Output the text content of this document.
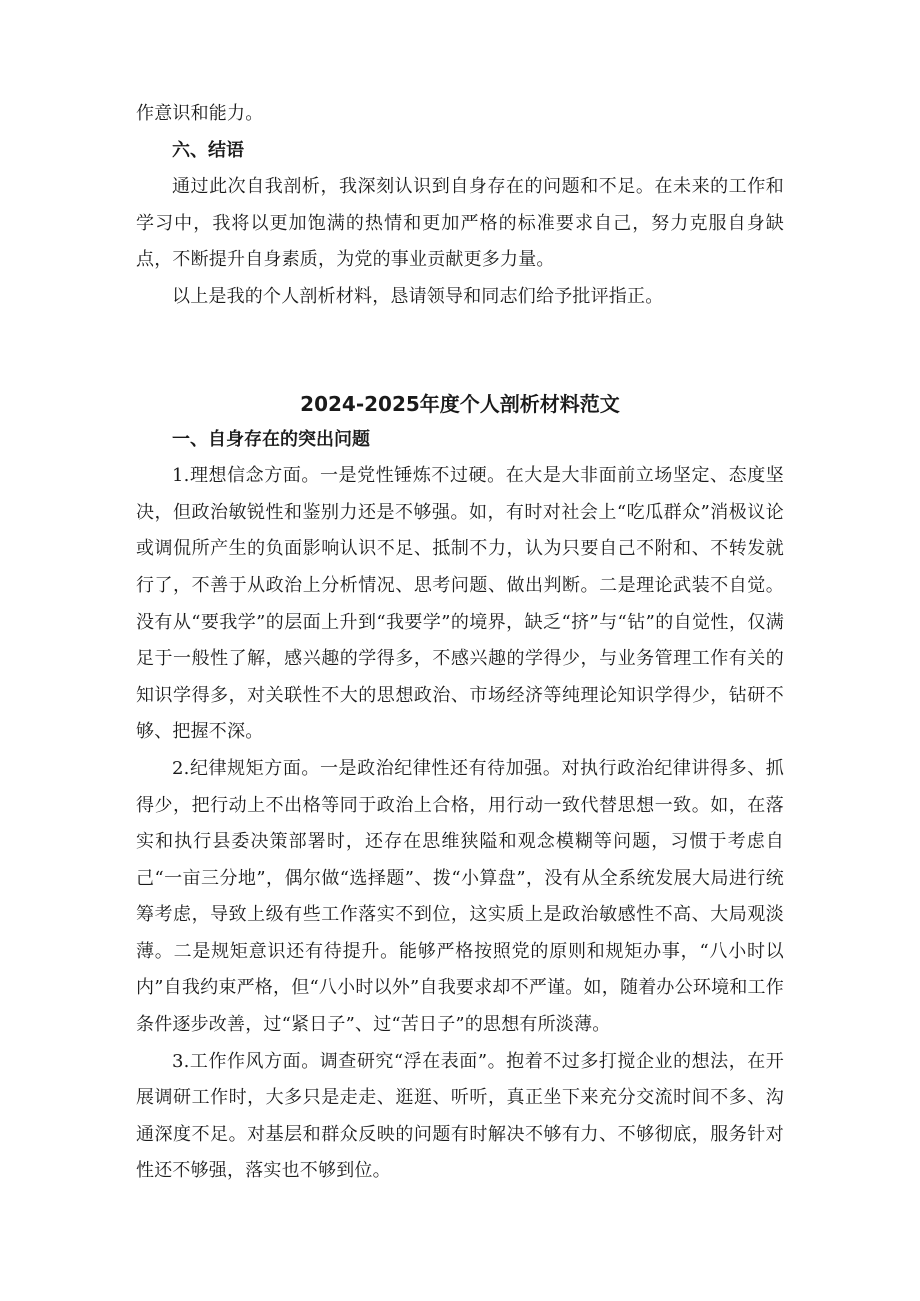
作意识和能力。

六、结语

通过此次自我剖析，我深刻认识到自身存在的问题和不足。在未来的工作和学习中，我将以更加饱满的热情和更加严格的标准要求自己，努力克服自身缺点，不断提升自身素质，为党的事业贡献更多力量。

以上是我的个人剖析材料，恳请领导和同志们给予批评指正。

2024-2025年度个人剖析材料范文

一、自身存在的突出问题

1.理想信念方面。一是党性锤炼不过硬。在大是大非面前立场坚定、态度坚决，但政治敏锐性和鉴别力还是不够强。如，有时对社会上“吃瓜群众”消极议论或调侃所产生的负面影响认识不足、抵制不力，认为只要自己不附和、不转发就行了，不善于从政治上分析情况、思考问题、做出判断。二是理论武装不自觉。没有从“要我学”的层面上升到“我要学”的境界，缺乏“挤”与“钻”的自觉性，仅满足于一般性了解，感兴趣的学得多，不感兴趣的学得少，与业务管理工作有关的知识学得多，对关联性不大的思想政治、市场经济等纯理论知识学得少，钻研不够、把握不深。

2.纪律规矩方面。一是政治纪律性还有待加强。对执行政治纪律讲得多、抓得少，把行动上不出格等同于政治上合格，用行动一致代替思想一致。如，在落实和执行县委决策部署时，还存在思维狭隘和观念模糊等问题，习惯于考虑自己“一亩三分地”，偶尔做“选择题”、拨“小算盘”，没有从全系统发展大局进行统筹考虑，导致上级有些工作落实不到位，这实质上是政治敏感性不高、大局观淡薄。二是规矩意识还有待提升。能够严格按照党的原则和规矩办事，“八小时以内”自我约束严格，但“八小时以外”自我要求却不严谨。如，随着办公环境和工作条件逐步改善，过“紧日子”、过“苦日子”的思想有所淡薄。

3.工作作风方面。调查研究“浮在表面”。抱着不过多打搅企业的想法，在开展调研工作时，大多只是走走、逛逛、听听，真正坐下来充分交流时间不多、沟通深度不足。对基层和群众反映的问题有时解决不够有力、不够彻底，服务针对性还不够强，落实也不够到位。
